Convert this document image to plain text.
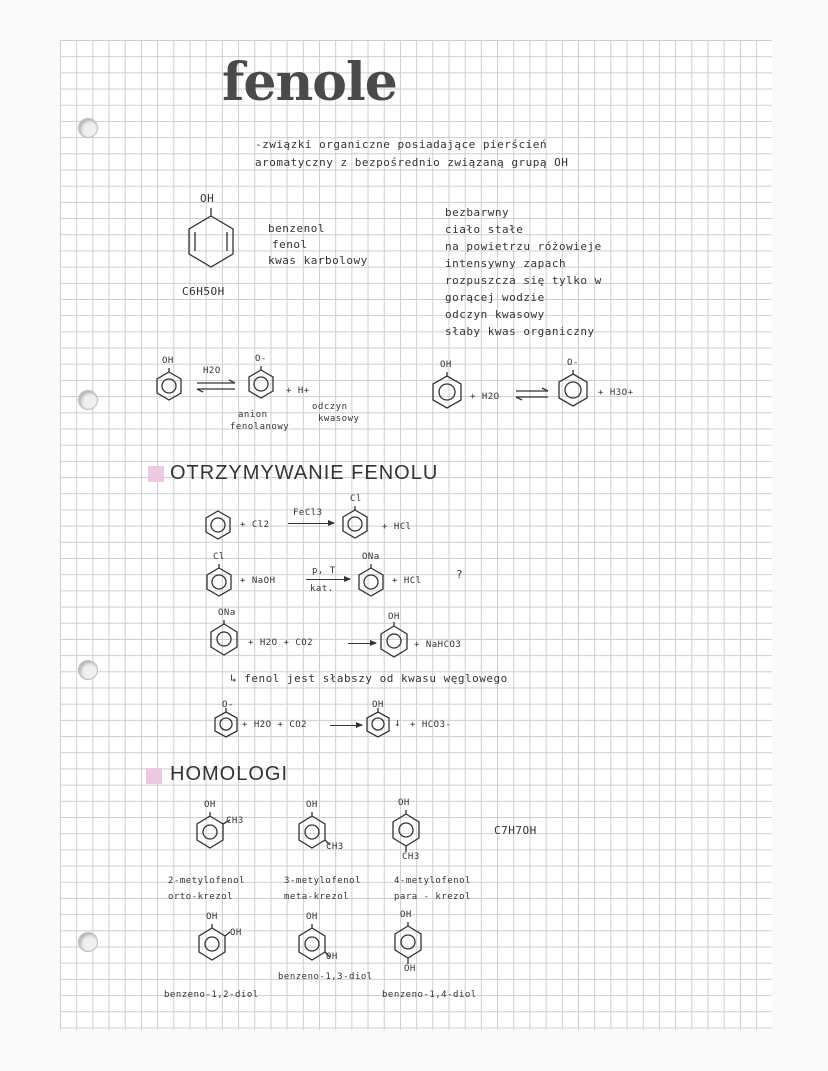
fenole
-związki organiczne posiadające pierścień
aromatyczny z bezpośrednio związaną grupą OH
OH
C6H5OH
benzenol
fenol
kwas karbolowy
bezbarwny
ciało stałe
na powietrzu różowieje
intensywny zapach
rozpuszcza się tylko w
gorącej wodzie
odczyn kwasowy
słaby kwas organiczny
OH
H2O
O-
+ H+
odczyn
kwasowy
anion
fenolanowy
OH
+ H2O ⇌
O-
+ H3O+
OTRZYMYWANIE FENOLU
+ Cl2
FeCl3
Cl
+ HCl
Cl
+ NaOH
p, T
kat.
ONa
+ HCl	?
ONa
+ H2O + CO2
OH
+ NaHCO3
↳ fenol jest słabszy od kwasu węglowego
O-
+ H2O + CO2 →
OH
↓ + HCO3-
HOMOLOGI
OH
CH3
OH
CH3
OH
CH3
C7H7OH
2-metylofenol
orto-krezol
3-metylofenol
meta-krezol
4-metylofenol
para - krezol
OH
OH
OH
OH
OH
OH
benzeno-1,3-diol
benzeno-1,2-diol	benzeno-1,4-diol
